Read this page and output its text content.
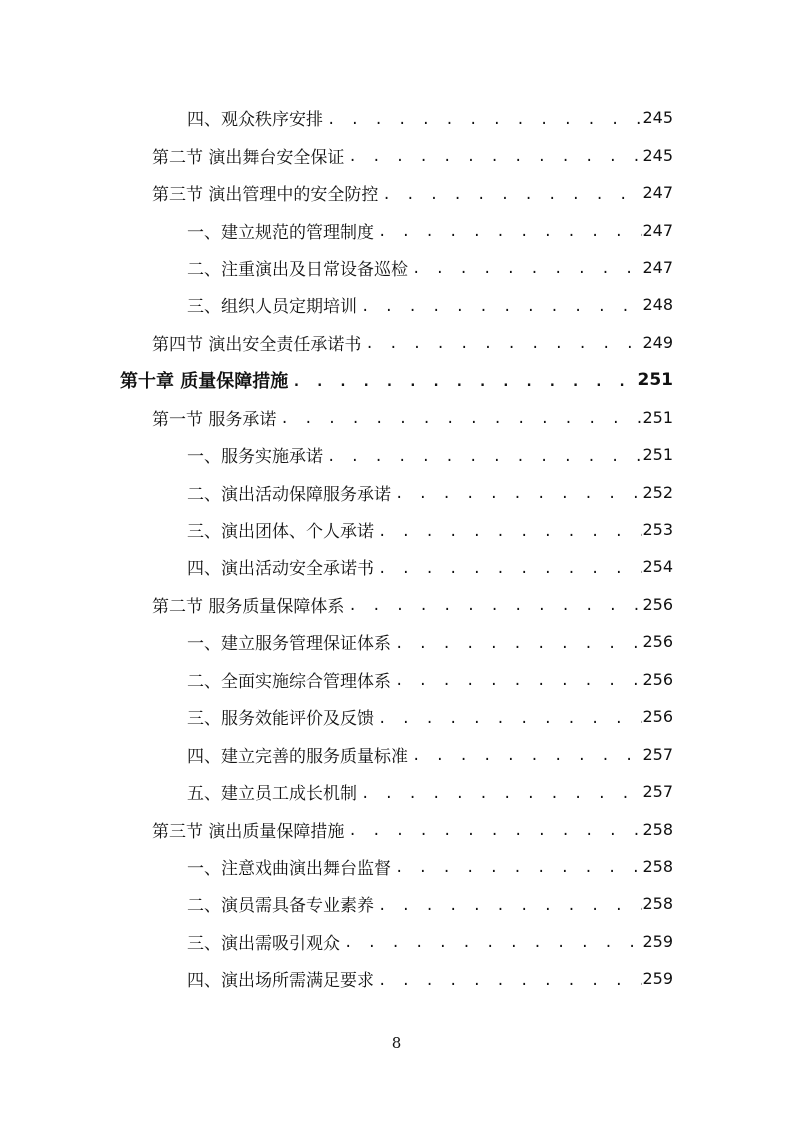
四、观众秩序安排 . . .	245
第二节 演出舞台安全保证 . . .	245
第三节 演出管理中的安全防控 . . .	247
一、建立规范的管理制度 . . .	247
二、注重演出及日常设备巡检 . . .	247
三、组织人员定期培训 . . .	248
第四节 演出安全责任承诺书 . . .	249
第十章 质量保障措施 . . .	251
第一节 服务承诺 . . .	251
一、服务实施承诺 . . .	251
二、演出活动保障服务承诺 . . .	252
三、演出团体、个人承诺 . . .	253
四、演出活动安全承诺书 . . .	254
第二节 服务质量保障体系 . . .	256
一、建立服务管理保证体系 . . .	256
二、全面实施综合管理体系 . . .	256
三、服务效能评价及反馈 . . .	256
四、建立完善的服务质量标准 . . .	257
五、建立员工成长机制 . . .	257
第三节 演出质量保障措施 . . .	258
一、注意戏曲演出舞台监督 . . .	258
二、演员需具备专业素养 . . .	258
三、演出需吸引观众 . . .	259
四、演出场所需满足要求 . . .	259
8
